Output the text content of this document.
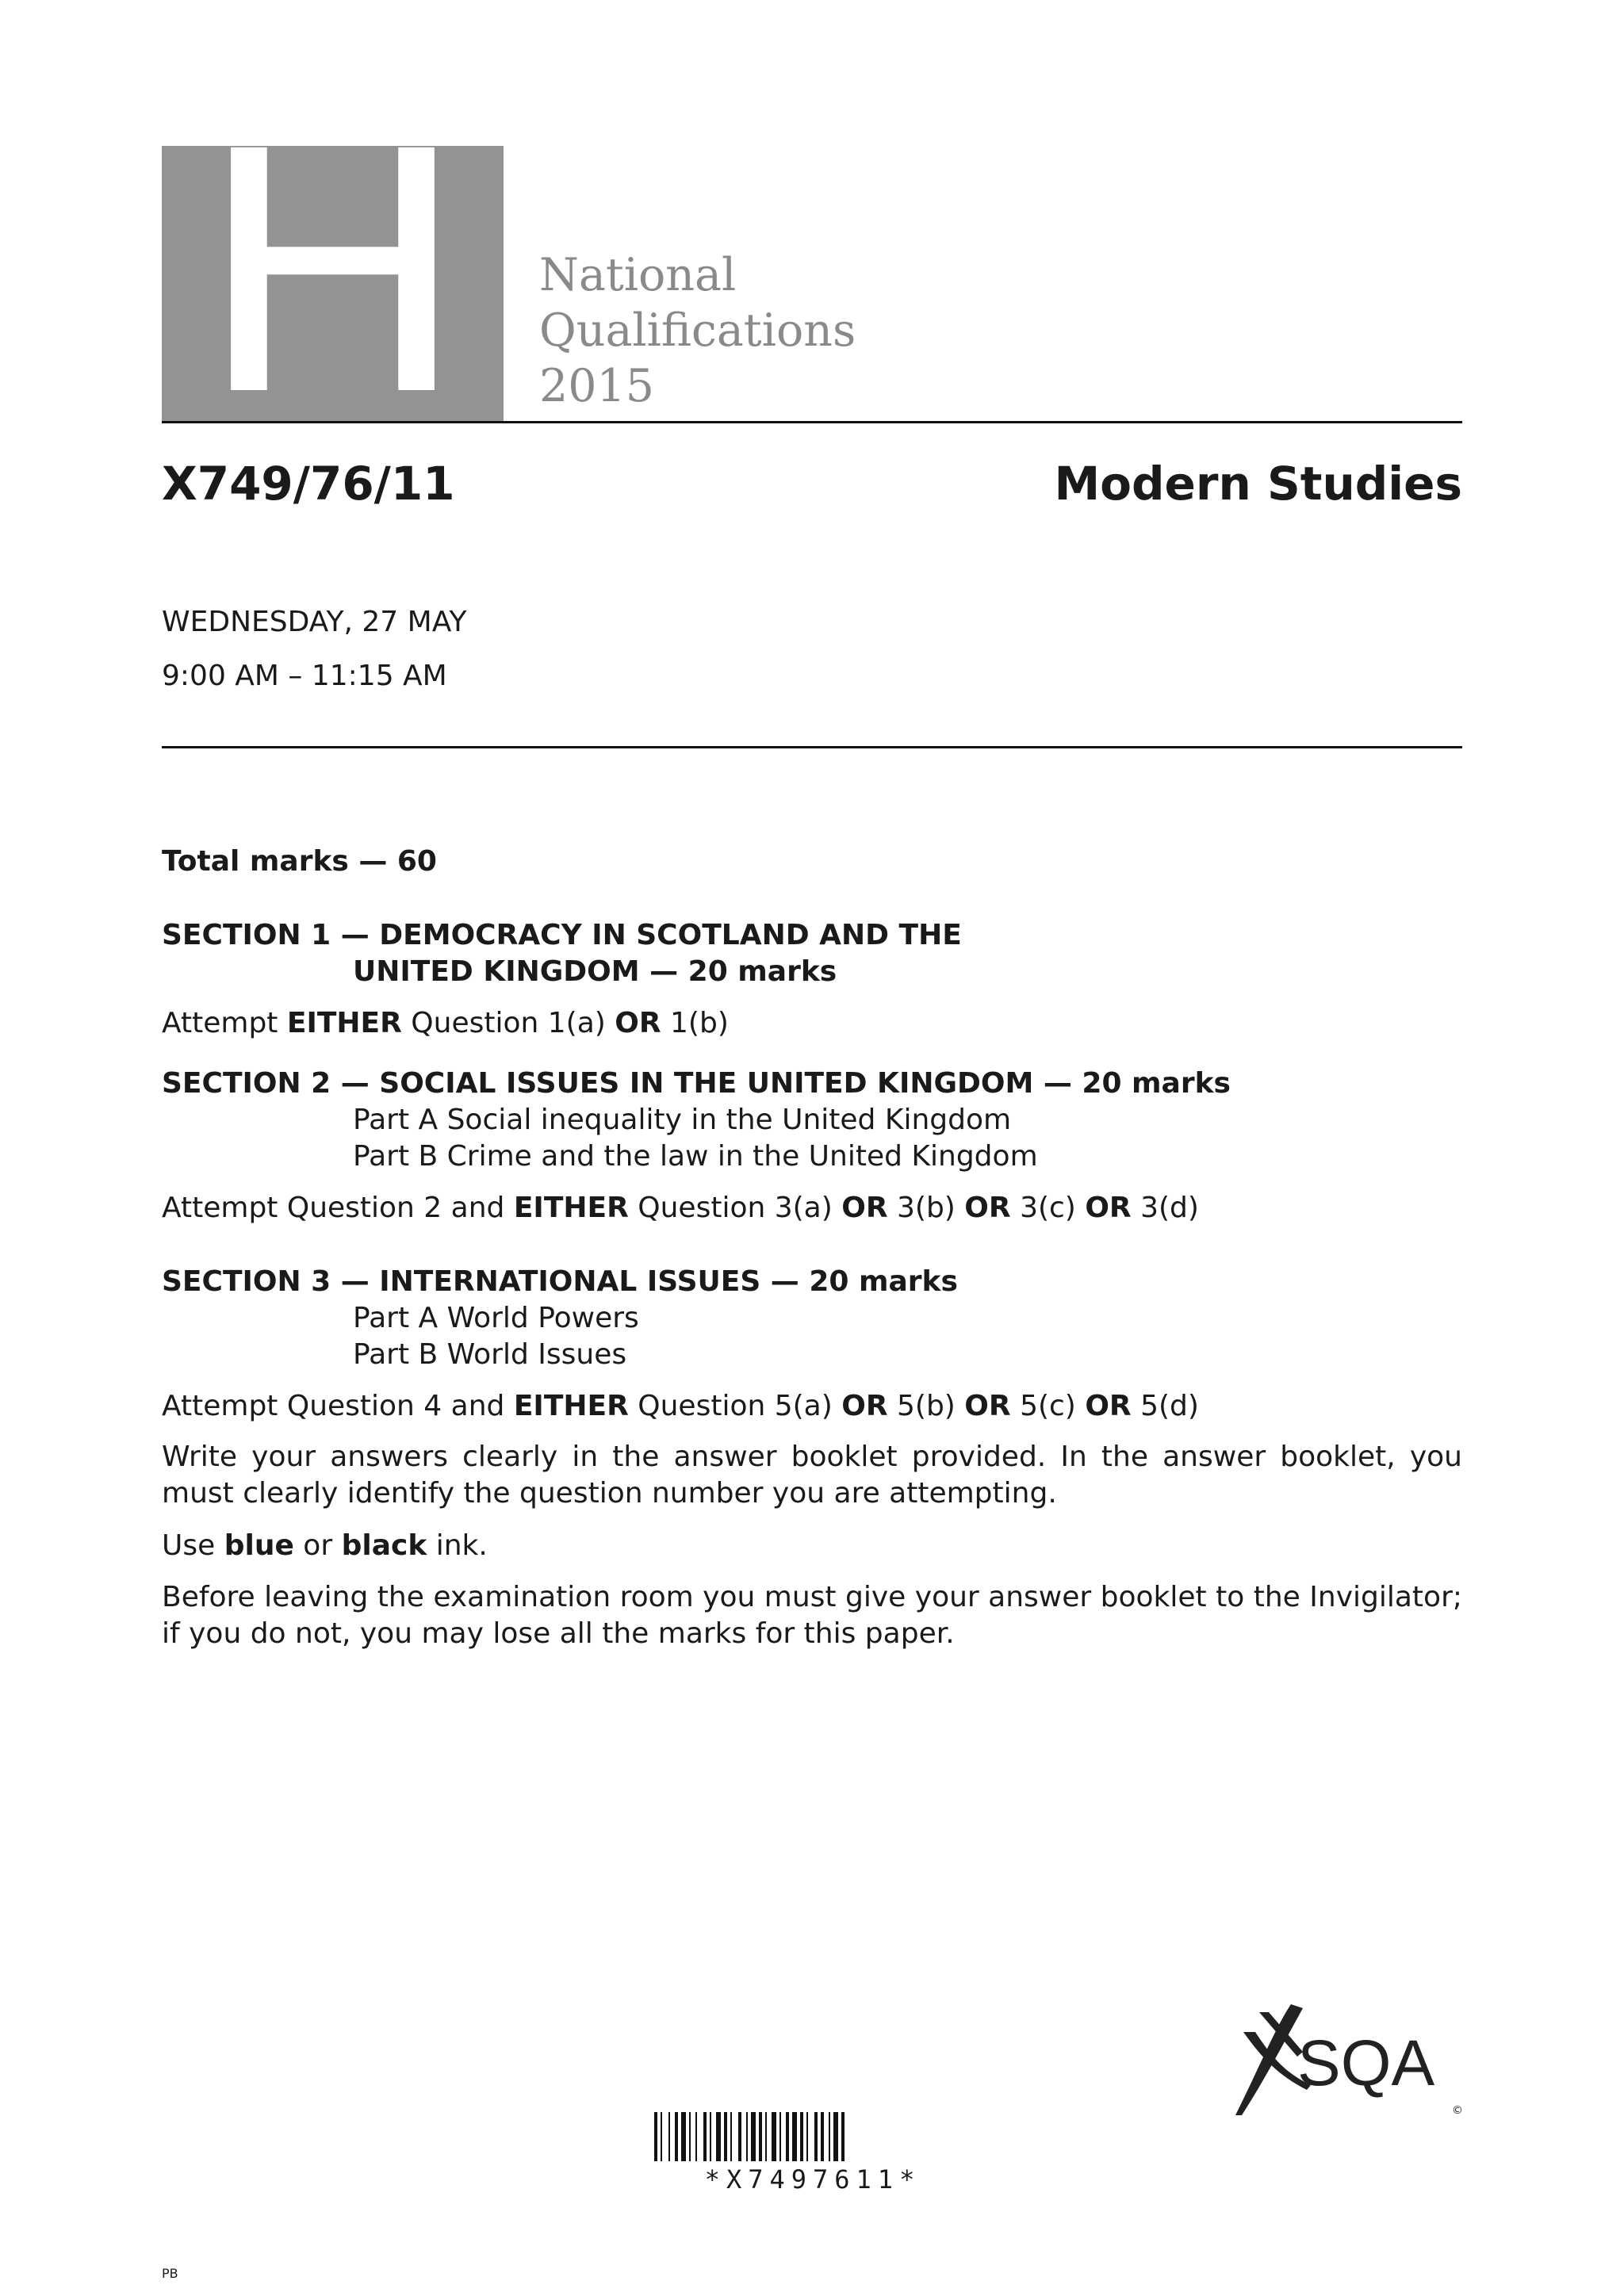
H	National
Qualifications
2015
X749/76/11	Modern Studies
WEDNESDAY, 27 MAY
9:00 AM – 11:15 AM
Total marks — 60
SECTION 1 — DEMOCRACY IN SCOTLAND AND THE
UNITED KINGDOM — 20 marks
Attempt EITHER Question 1(a) OR 1(b)
SECTION 2 — SOCIAL ISSUES IN THE UNITED KINGDOM — 20 marks
Part A Social inequality in the United Kingdom
Part B Crime and the law in the United Kingdom
Attempt Question 2 and EITHER Question 3(a) OR 3(b) OR 3(c) OR 3(d)
SECTION 3 — INTERNATIONAL ISSUES — 20 marks
Part A World Powers
Part B World Issues
Attempt Question 4 and EITHER Question 5(a) OR 5(b) OR 5(c) OR 5(d)
Write your answers clearly in the answer booklet provided. In the answer booklet, you must clearly identify the question number you are attempting.
Use blue or black ink.
Before leaving the examination room you must give your answer booklet to the Invigilator; if you do not, you may lose all the marks for this paper.
SQA
©
*X7497611*
PB
